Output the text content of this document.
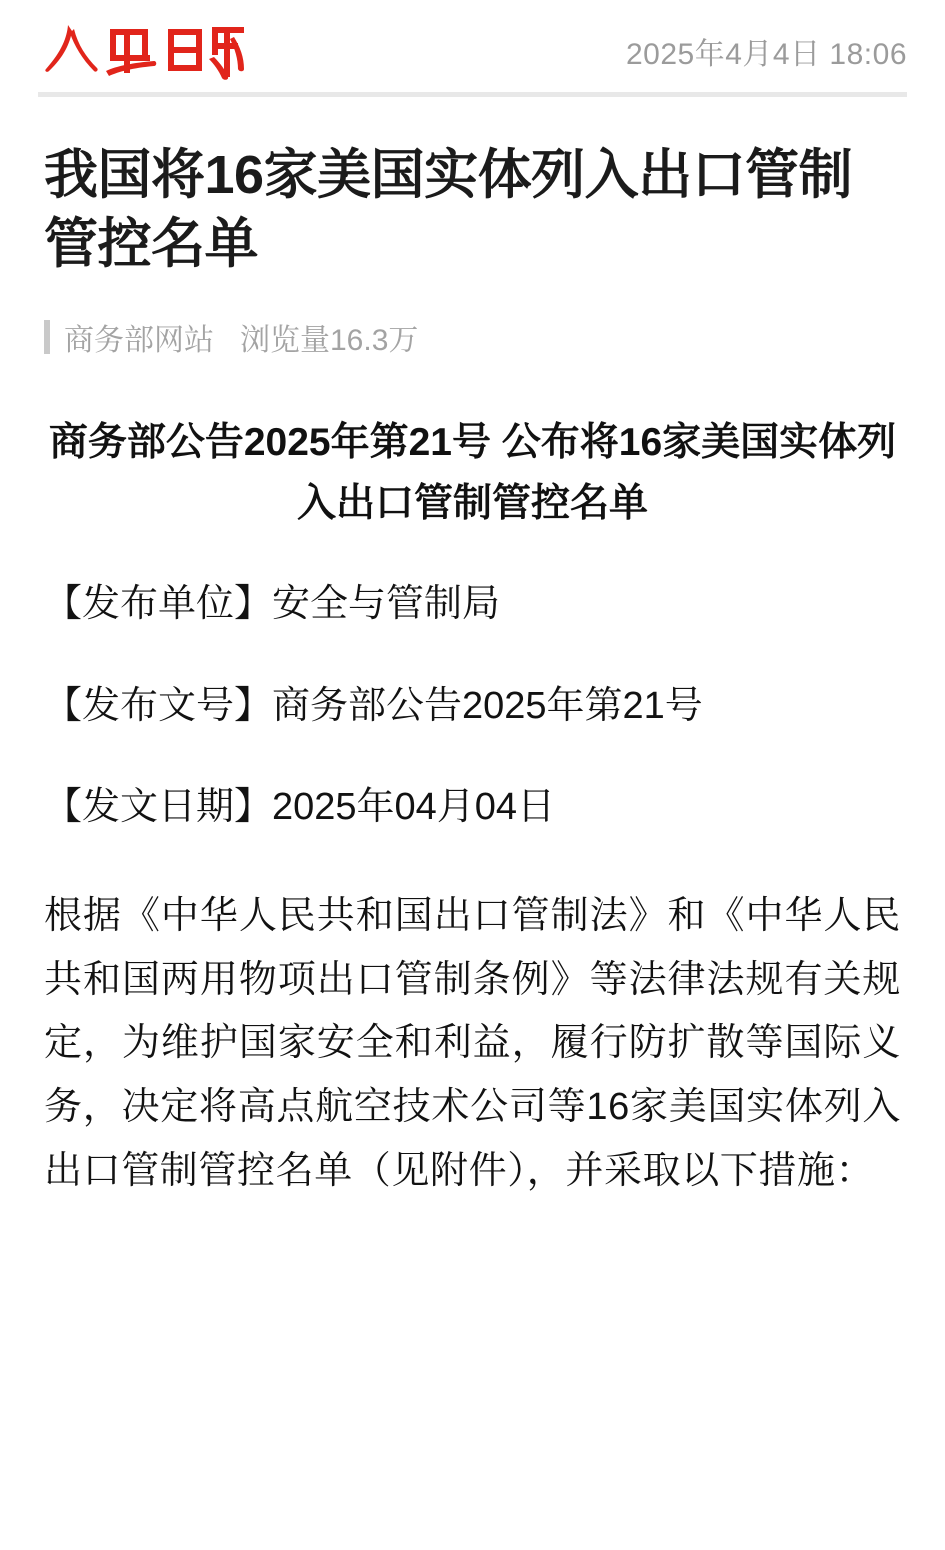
2025年4月4日 18:06
我国将16家美国实体列入出口管制管控名单
商务部网站 浏览量16.3万
商务部公告2025年第21号 公布将16家美国实体列入出口管制管控名单

【发布单位】安全与管制局

【发布文号】商务部公告2025年第21号

【发文日期】2025年04月04日

根据《中华人民共和国出口管制法》和《中华人民共和国两用物项出口管制条例》等法律法规有关规定，为维护国家安全和利益，履行防扩散等国际义务，决定将高点航空技术公司等16家美国实体列入出口管制管控名单（见附件），并采取以下措施：
